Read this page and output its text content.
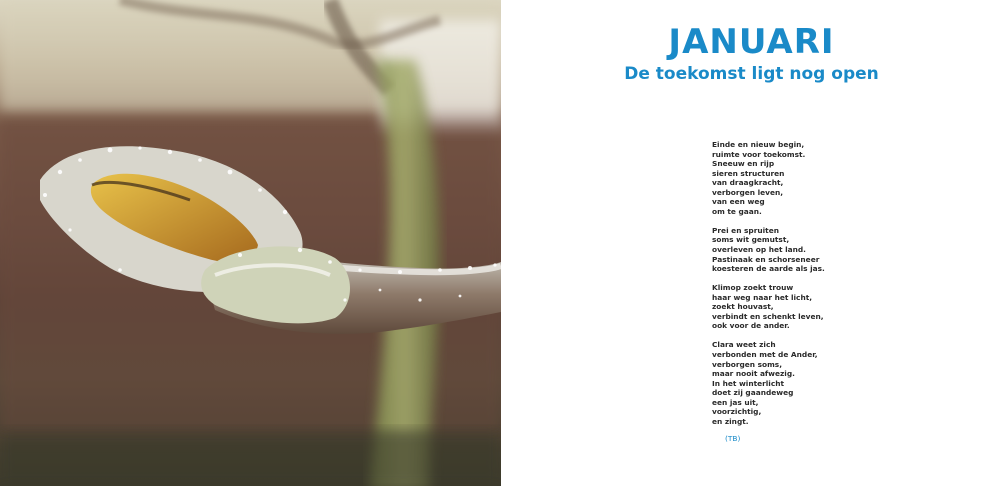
JANUARI
De toekomst ligt nog open
Einde en nieuw begin,
ruimte voor toekomst.
Sneeuw en rijp
sieren structuren
van draagkracht,
verborgen leven,
van een weg
om te gaan.
Prei en spruiten
soms wit gemutst,
overleven op het land.
Pastinaak en schorseneer
koesteren de aarde als jas.
Klimop zoekt trouw
haar weg naar het licht,
zoekt houvast,
verbindt en schenkt leven,
ook voor de ander.
Clara weet zich
verbonden met de Ander,
verborgen soms,
maar nooit afwezig.
In het winterlicht
doet zij gaandeweg
een jas uit,
voorzichtig,
en zingt.
(TB)
